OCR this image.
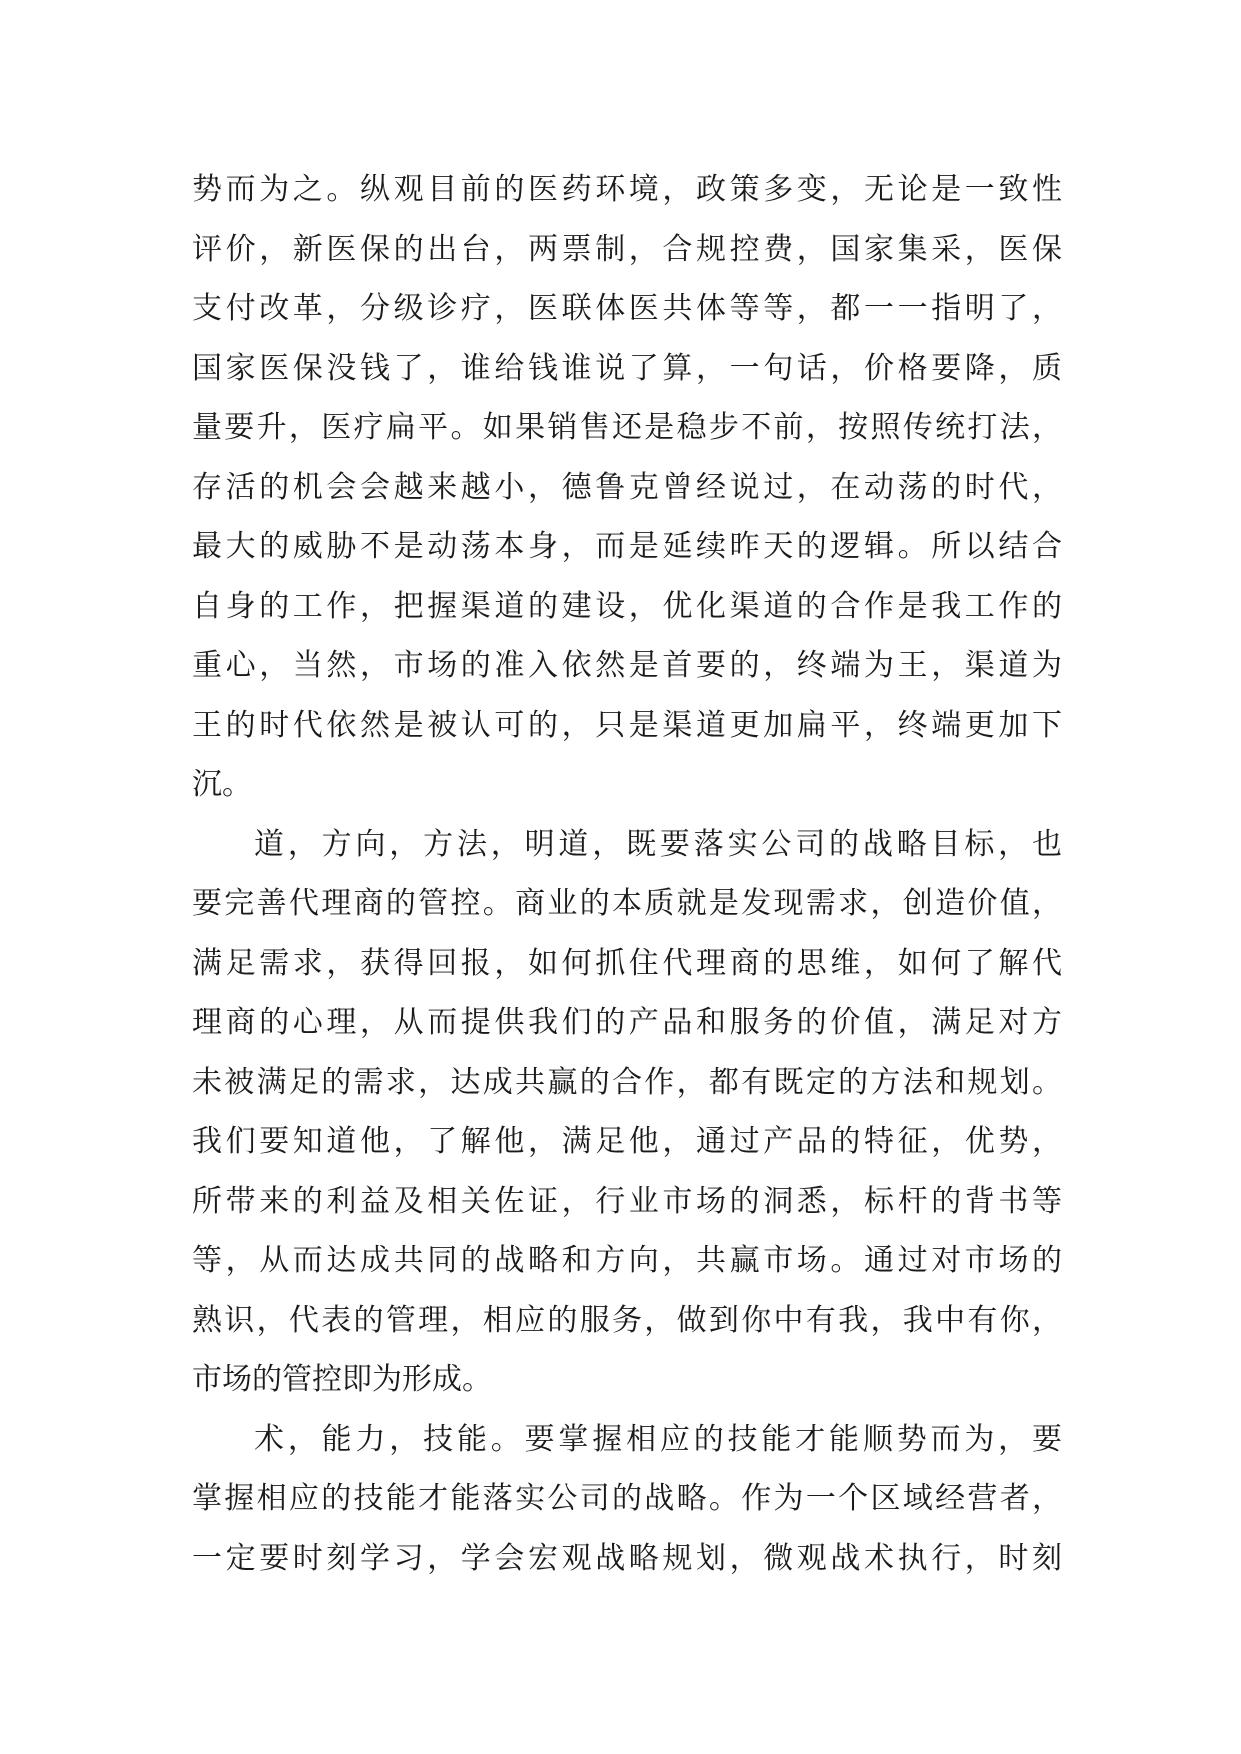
势而为之。纵观目前的医药环境，政策多变，无论是一致性
评价，新医保的出台，两票制，合规控费，国家集采，医保
支付改革，分级诊疗，医联体医共体等等，都一一指明了，
国家医保没钱了，谁给钱谁说了算，一句话，价格要降，质
量要升，医疗扁平。如果销售还是稳步不前，按照传统打法，
存活的机会会越来越小，德鲁克曾经说过，在动荡的时代，
最大的威胁不是动荡本身，而是延续昨天的逻辑。所以结合
自身的工作，把握渠道的建设，优化渠道的合作是我工作的
重心，当然，市场的准入依然是首要的，终端为王，渠道为
王的时代依然是被认可的，只是渠道更加扁平，终端更加下
沉。
道，方向，方法，明道，既要落实公司的战略目标，也
要完善代理商的管控。商业的本质就是发现需求，创造价值，
满足需求，获得回报，如何抓住代理商的思维，如何了解代
理商的心理，从而提供我们的产品和服务的价值，满足对方
未被满足的需求，达成共赢的合作，都有既定的方法和规划。
我们要知道他，了解他，满足他，通过产品的特征，优势，
所带来的利益及相关佐证，行业市场的洞悉，标杆的背书等
等，从而达成共同的战略和方向，共赢市场。通过对市场的
熟识，代表的管理，相应的服务，做到你中有我，我中有你，
市场的管控即为形成。
术，能力，技能。要掌握相应的技能才能顺势而为，要
掌握相应的技能才能落实公司的战略。作为一个区域经营者，
一定要时刻学习，学会宏观战略规划，微观战术执行，时刻
